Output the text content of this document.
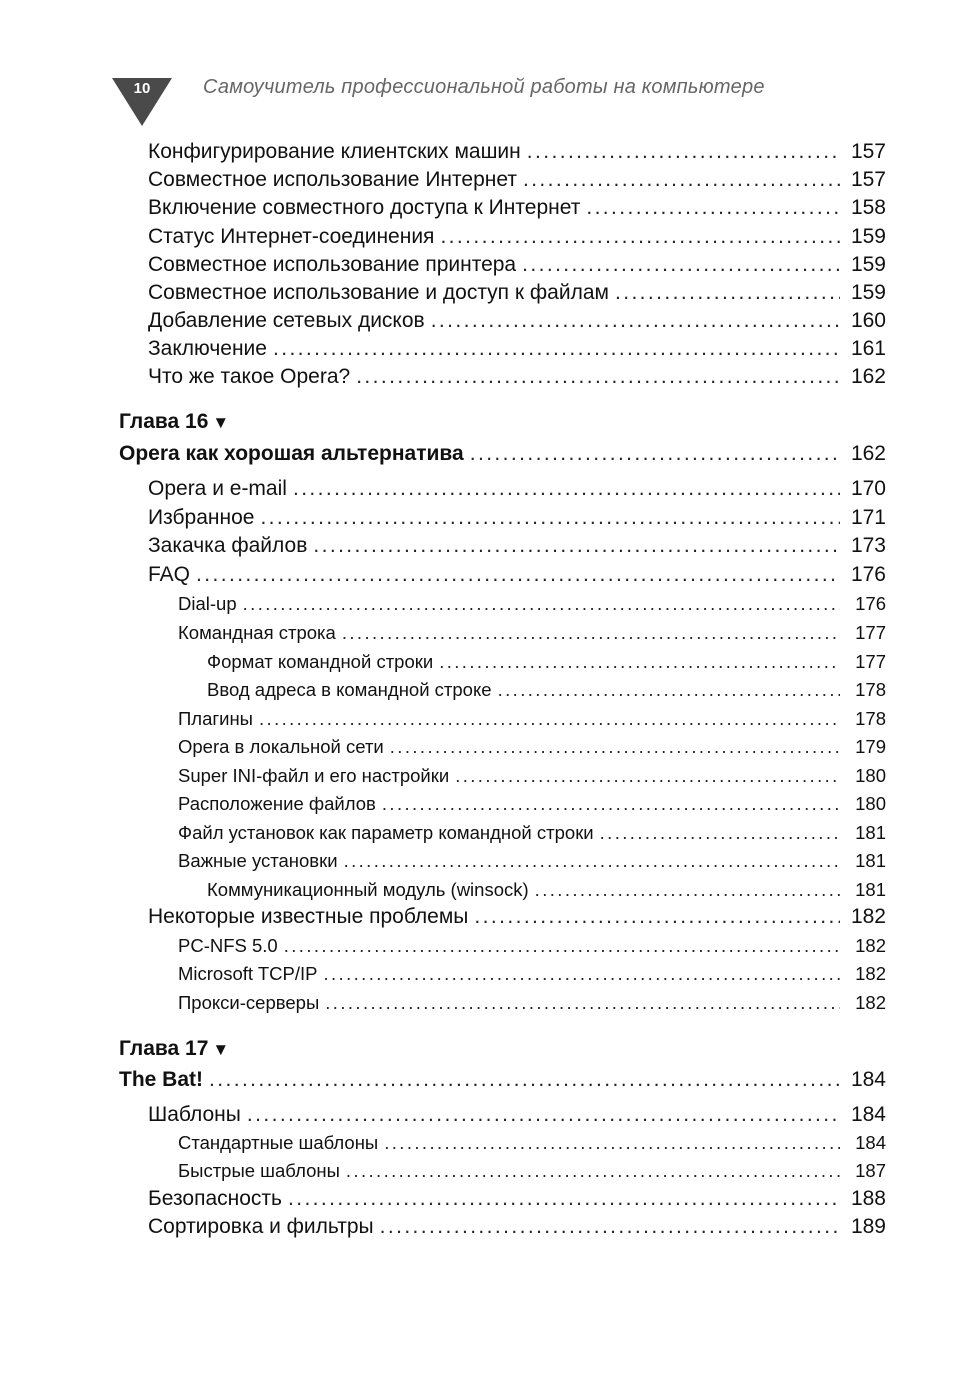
10	Самоучитель профессиональной работы на компьютере
Конфигурирование клиентских машин .....	157
Совместное использование Интернет .....	157
Включение совместного доступа к Интернет .....	158
Статус Интернет-соединения .....	159
Совместное использование принтера .....	159
Совместное использование и доступ к файлам .....	159
Добавление сетевых дисков .....	160
Заключение .....	161
Что же такое Opera? .....	162
Глава 16 ▼
Opera как хорошая альтернатива .....	162
Opera и e-mail .....	170
Избранное .....	171
Закачка файлов .....	173
FAQ .....	176
Dial-up .....	176
Командная строка .....	177
Формат командной строки .....	177
Ввод адреса в командной строке .....	178
Плагины .....	178
Opera в локальной сети .....	179
Super INI-файл и его настройки .....	180
Расположение файлов .....	180
Файл установок как параметр командной строки .....	181
Важные установки .....	181
Коммуникационный модуль (winsock) .....	181
Некоторые известные проблемы .....	182
PC-NFS 5.0 .....	182
Microsoft TCP/IP .....	182
Прокси-серверы .....	182
Глава 17 ▼
The Bat! .....	184
Шаблоны .....	184
Стандартные шаблоны .....	184
Быстрые шаблоны .....	187
Безопасность .....	188
Сортировка и фильтры .....	189
